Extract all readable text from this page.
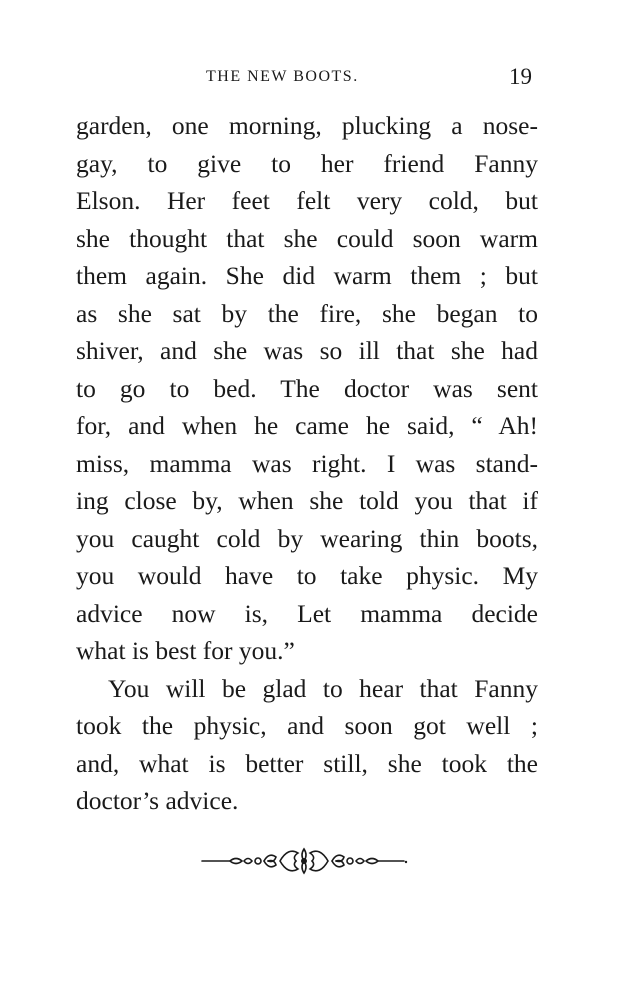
THE NEW BOOTS.	19
garden, one morning, plucking a nose-
gay, to give to her friend Fanny
Elson. Her feet felt very cold, but
she thought that she could soon warm
them again. She did warm them ; but
as she sat by the fire, she began to
shiver, and she was so ill that she had
to go to bed. The doctor was sent
for, and when he came he said, “ Ah!
miss, mamma was right. I was stand-
ing close by, when she told you that if
you caught cold by wearing thin boots,
you would have to take physic. My
advice now is, Let mamma decide
what is best for you.”
You will be glad to hear that Fanny
took the physic, and soon got well ;
and, what is better still, she took the
doctor’s advice.
